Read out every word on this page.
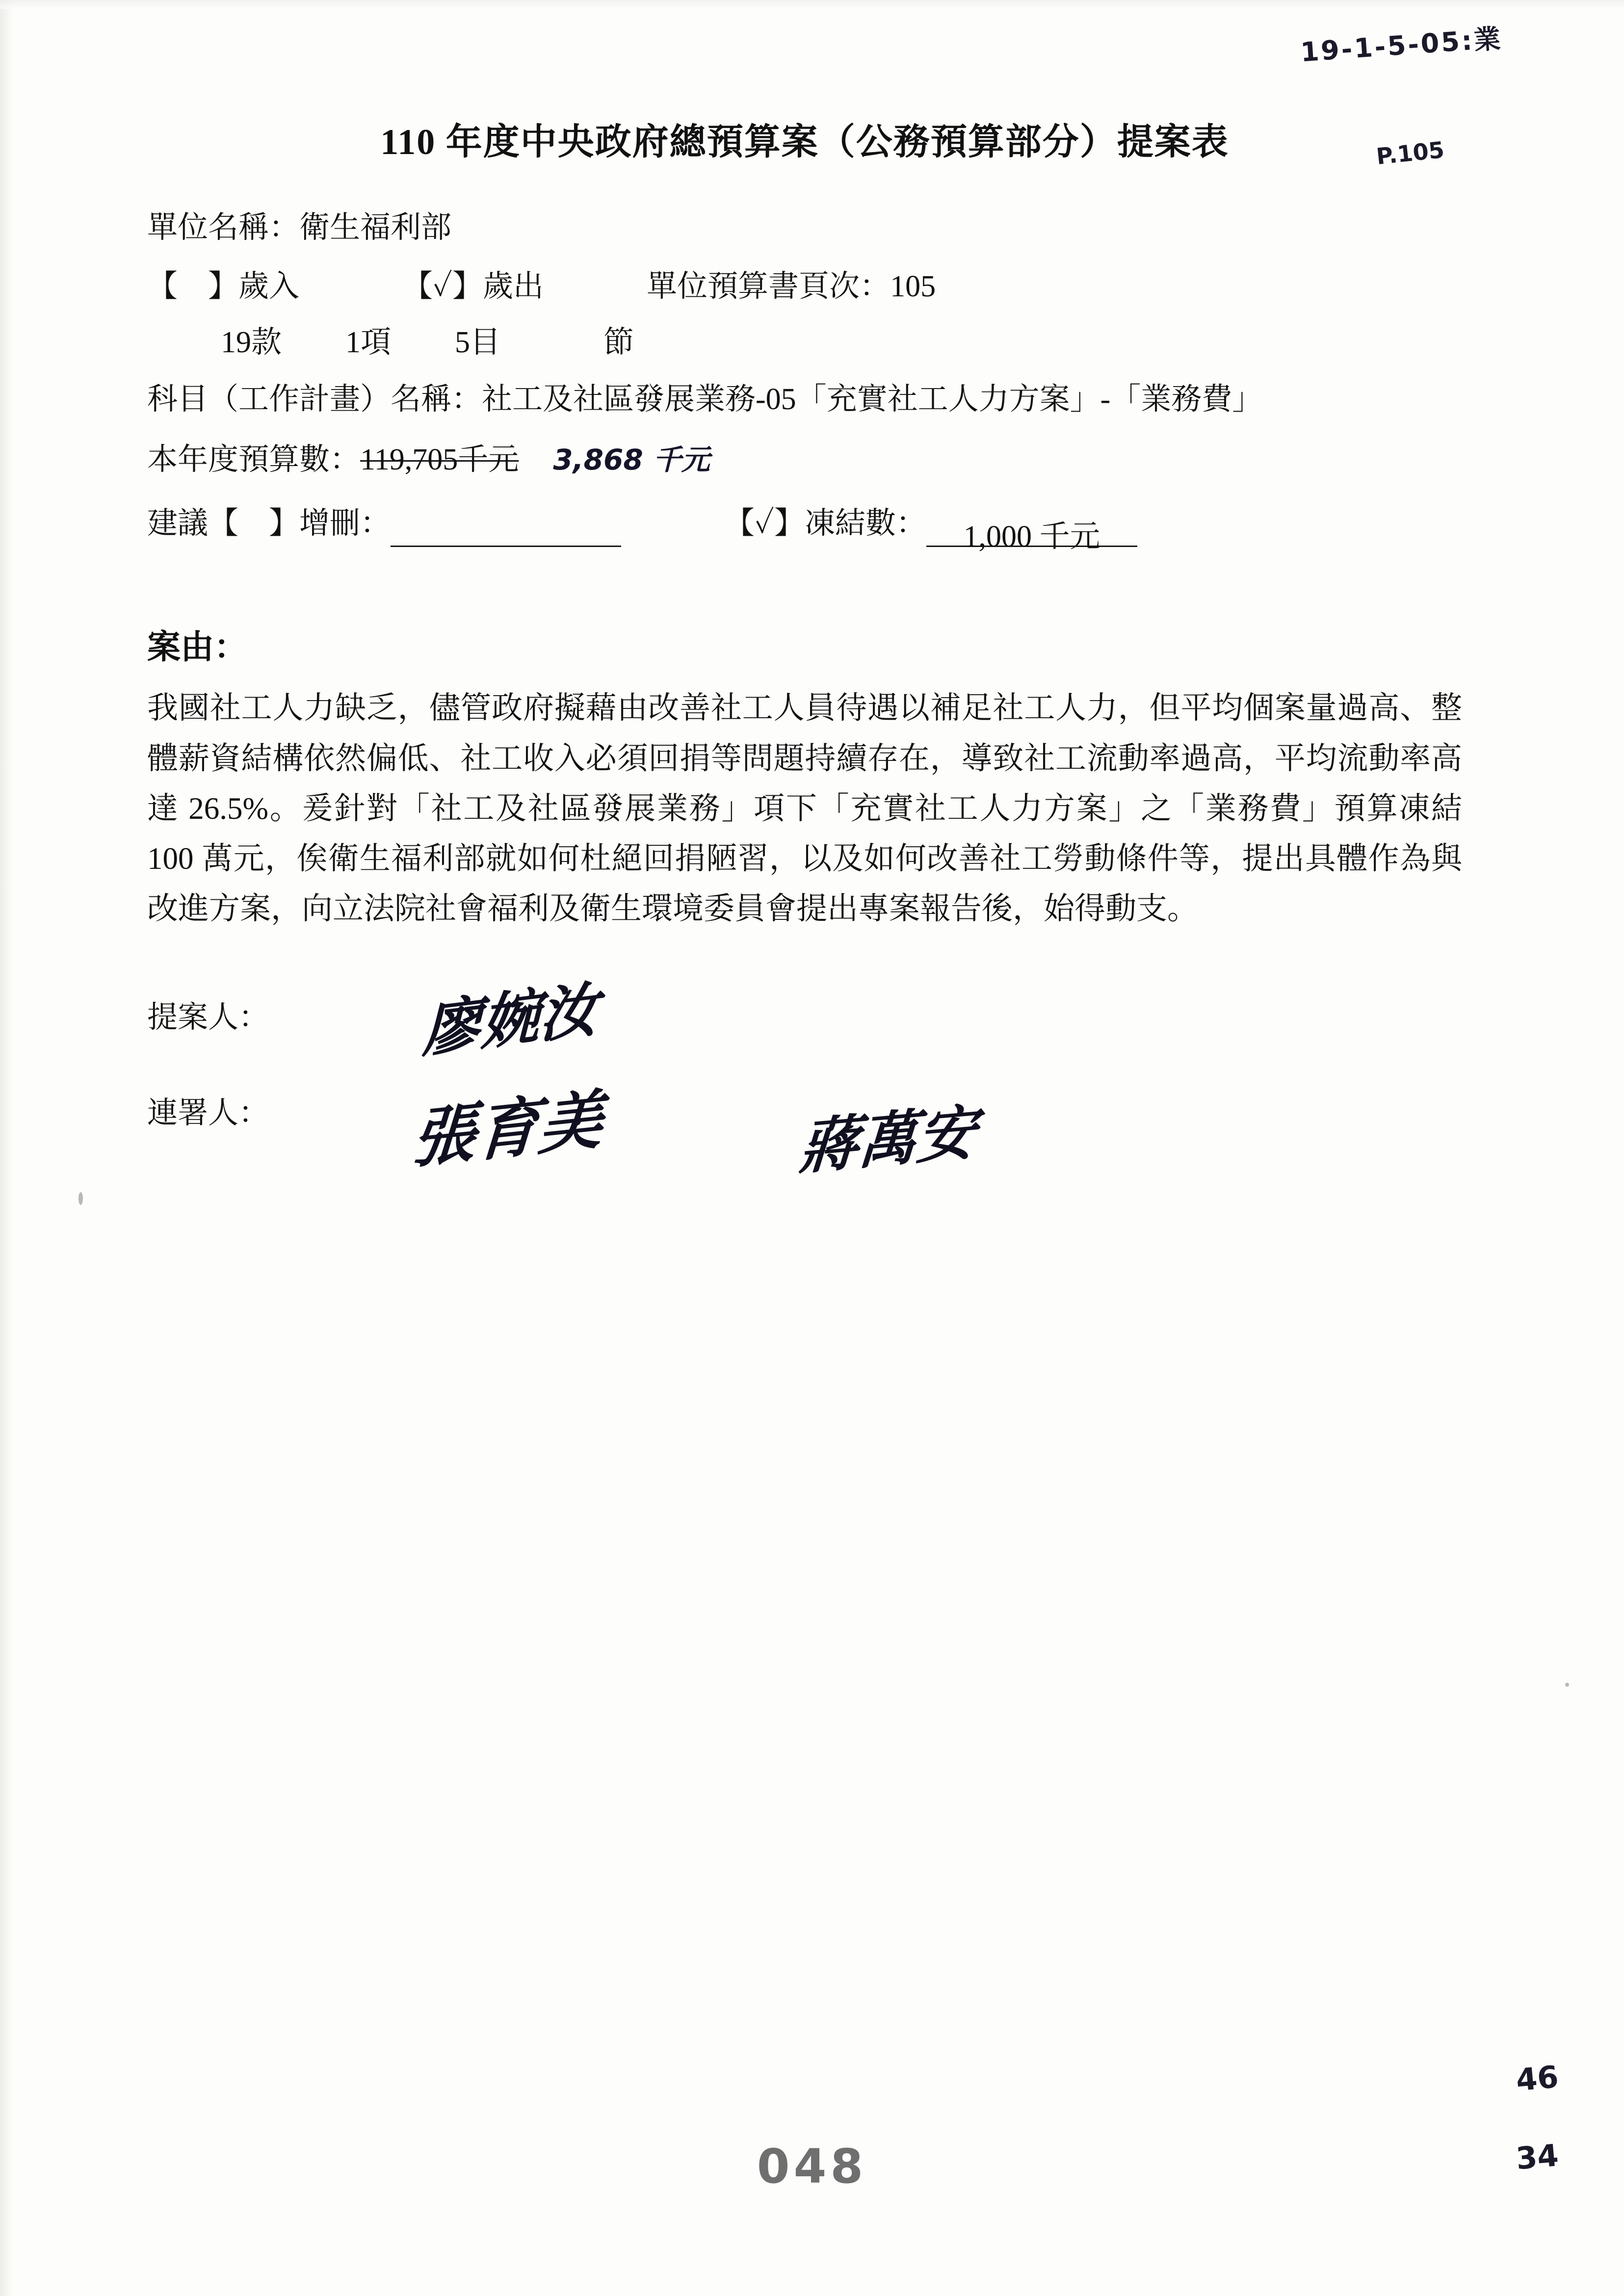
19-1-5-05:業
P.105
46
34
110 年度中央政府總預算案（公務預算部分）提案表
單位名稱：衛生福利部
【　】歲入	【✓】歲出	單位預算書頁次：105
19款 1項 5目	節
科目（工作計畫）名稱：社工及社區發展業務-05「充實社工人力方案」-「業務費」
本年度預算數：119,705千元 3,868 千元
建議【　】增刪：	【✓】凍結數： 1,000 千元
案由：
我國社工人力缺乏，儘管政府擬藉由改善社工人員待遇以補足社工人力，但平均個案量過高、整體薪資結構依然偏低、社工收入必須回捐等問題持續存在，導致社工流動率過高，平均流動率高達 26.5%。爰針對「社工及社區發展業務」項下「充實社工人力方案」之「業務費」預算凍結 100 萬元，俟衛生福利部就如何杜絕回捐陋習，以及如何改善社工勞動條件等，提出具體作為與改進方案，向立法院社會福利及衛生環境委員會提出專案報告後，始得動支。
提案人：	廖婉汝
連署人： 張育美	蔣萬安
048
